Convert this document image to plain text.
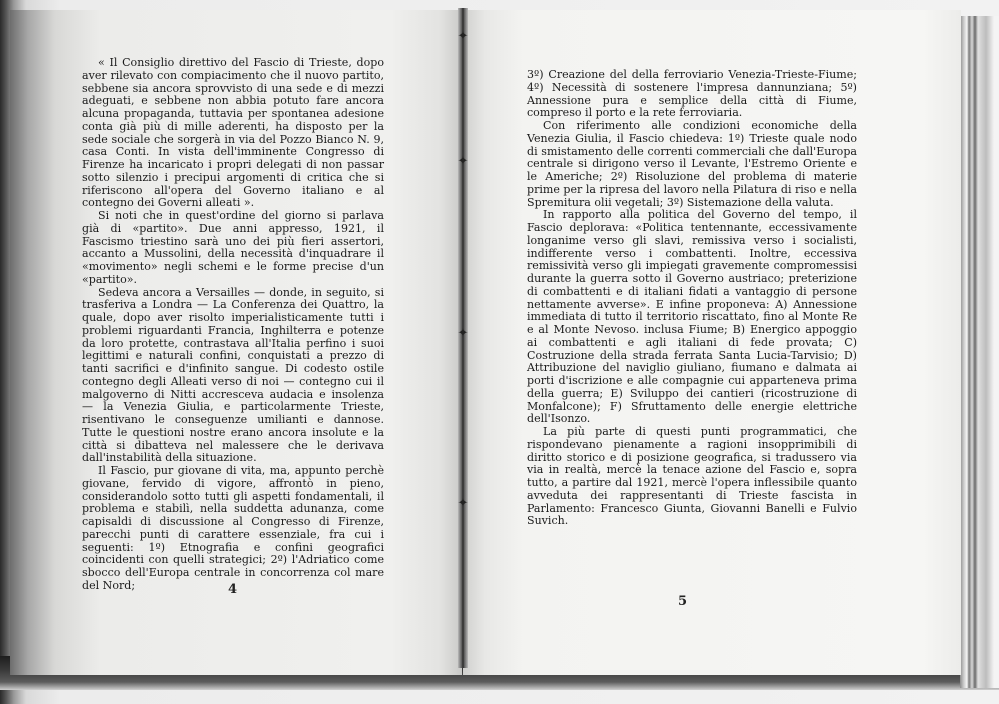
« Il Consiglio direttivo del Fascio di Trieste, dopo aver rilevato con compiacimento che il nuovo partito, sebbene sia ancora sprovvisto di una sede e di mezzi adeguati, e sebbene non abbia potuto fare ancora alcuna propaganda, tuttavia per spontanea adesione conta già più di mille aderenti, ha disposto per la sede sociale che sorgerà in via del Pozzo Bianco N. 9, casa Conti. In vista dell'imminente Congresso di Firenze ha incaricato i propri delegati di non passar sotto silenzio i precipui argomenti di critica che si riferiscono all'opera del Governo italiano e al contegno dei Governi alleati ».

Si noti che in quest'ordine del giorno si parlava già di «partito». Due anni appresso, 1921, il Fascismo triestino sarà uno dei più fieri assertori, accanto a Mussolini, della necessità d'inquadrare il «movimento» negli schemi e le forme precise d'un «partito».

Sedeva ancora a Versailles — donde, in seguito, si trasferiva a Londra — La Conferenza dei Quattro, la quale, dopo aver risolto imperialisticamente tutti i problemi riguardanti Francia, Inghilterra e potenze da loro protette, contrastava all'Italia perfino i suoi legittimi e naturali confini, conquistati a prezzo di tanti sacrifici e d'infinito sangue. Di codesto ostile contegno degli Alleati verso di noi — contegno cui il malgoverno di Nitti accresceva audacia e insolenza — la Venezia Giulia, e particolarmente Trieste, risentivano le conseguenze umilianti e dannose. Tutte le questioni nostre erano ancora insolute e la città si dibatteva nel malessere che le derivava dall'instabilità della situazione.

Il Fascio, pur giovane di vita, ma, appunto perchè giovane, fervido di vigore, affrontò in pieno, considerandolo sotto tutti gli aspetti fondamentali, il problema e stabilì, nella suddetta adunanza, come capisaldi di discussione al Congresso di Firenze, parecchi punti di carattere essenziale, fra cui i seguenti: 1º) Etnografia e confini geografici coincidenti con quelli strategici; 2º) l'Adriatico come sbocco dell'Europa centrale in concorrenza col mare del Nord;	4

3º) Creazione del della ferroviario Venezia-Trieste-Fiume; 4º) Necessità di sostenere l'impresa dannunziana; 5º) Annessione pura e semplice della città di Fiume, compreso il porto e la rete ferroviaria.

Con riferimento alle condizioni economiche della Venezia Giulia, il Fascio chiedeva: 1º) Trieste quale nodo di smistamento delle correnti commerciali che dall'Europa centrale si dirigono verso il Levante, l'Estremo Oriente e le Americhe; 2º) Risoluzione del problema di materie prime per la ripresa del lavoro nella Pilatura di riso e nella Spremitura olii vegetali; 3º) Sistemazione della valuta.

In rapporto alla politica del Governo del tempo, il Fascio deplorava: «Politica tentennante, eccessivamente longanime verso gli slavi, remissiva verso i socialisti, indifferente verso i combattenti. Inoltre, eccessiva remissività verso gli impiegati gravemente compromessisi durante la guerra sotto il Governo austriaco; preterizione di combattenti e di italiani fidati a vantaggio di persone nettamente avverse». E infine proponeva: A) Annessione immediata di tutto il territorio riscattato, fino al Monte Re e al Monte Nevoso. inclusa Fiume; B) Energico appoggio ai combattenti e agli italiani di fede provata; C) Costruzione della strada ferrata Santa Lucia-Tarvisio; D) Attribuzione del naviglio giuliano, fiumano e dalmata ai porti d'iscrizione e alle compagnie cui apparteneva prima della guerra; E) Sviluppo dei cantieri (ricostruzione di Monfalcone); F) Sfruttamento delle energie elettriche dell'Isonzo.

La più parte di questi punti programmatici, che rispondevano pienamente a ragioni insopprimibili di diritto storico e di posizione geografica, si tradussero via via in realtà, mercè la tenace azione del Fascio e, sopra tutto, a partire dal 1921, mercè l'opera inflessibile quanto avveduta dei rappresentanti di Trieste fascista in Parlamento: Francesco Giunta, Giovanni Banelli e Fulvio Suvich.

5
✦
✦
✦
✦
